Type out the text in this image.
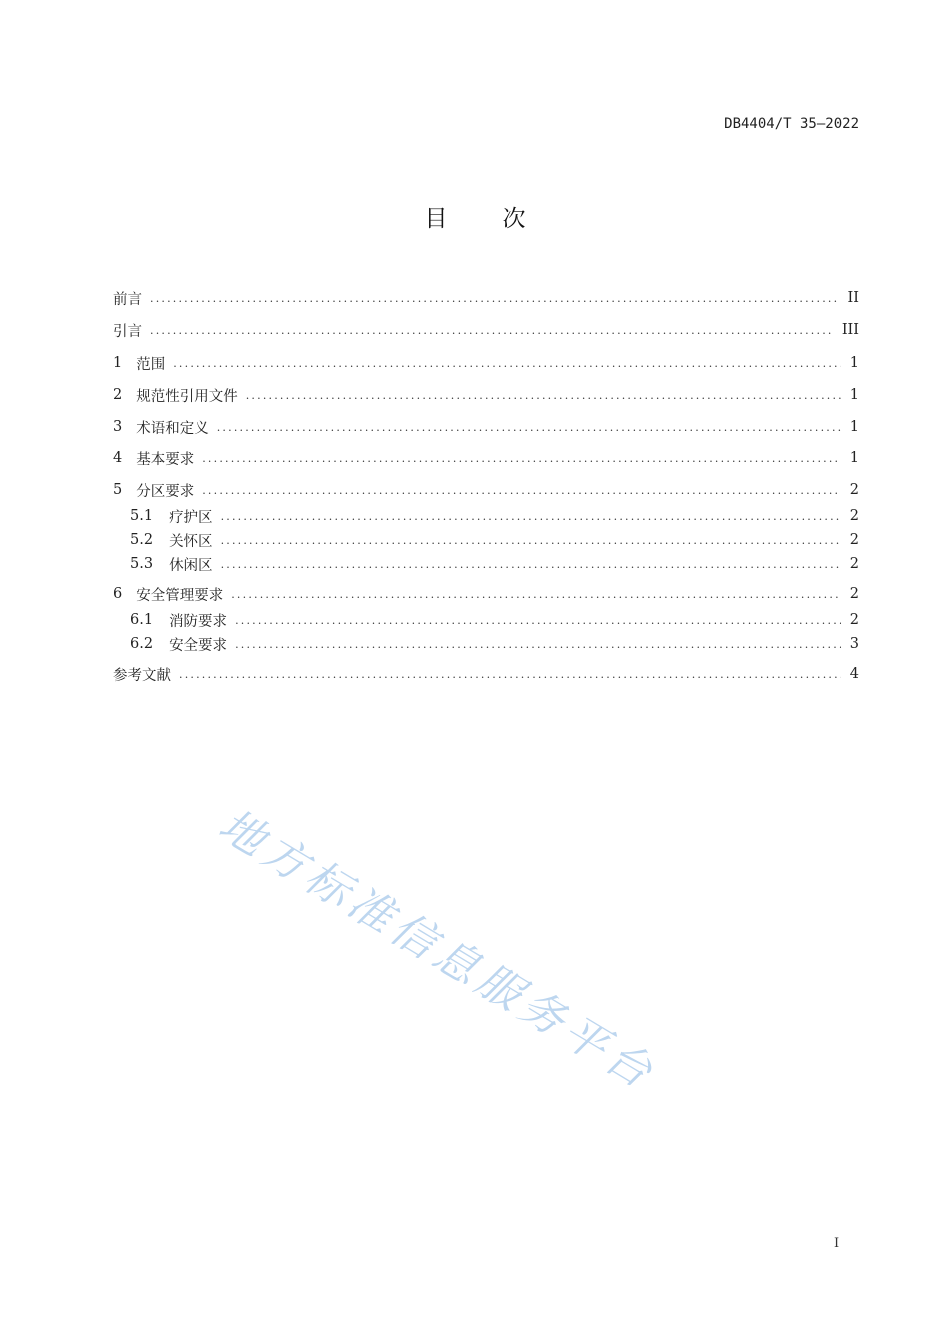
DB4404/T 35—2022
目 次
前言 .....	II
引言 .....	III
1 范围 .....	1
2 规范性引用文件 .....	1
3 术语和定义 .....	1
4 基本要求 .....	1
5 分区要求 .....	2
5.1 疗护区 .....	2
5.2 关怀区 .....	2
5.3 休闲区 .....	2
6 安全管理要求 .....	2
6.1 消防要求 .....	2
6.2 安全要求 .....	3
参考文献 .....	4
地方标准信息服务平台
I
